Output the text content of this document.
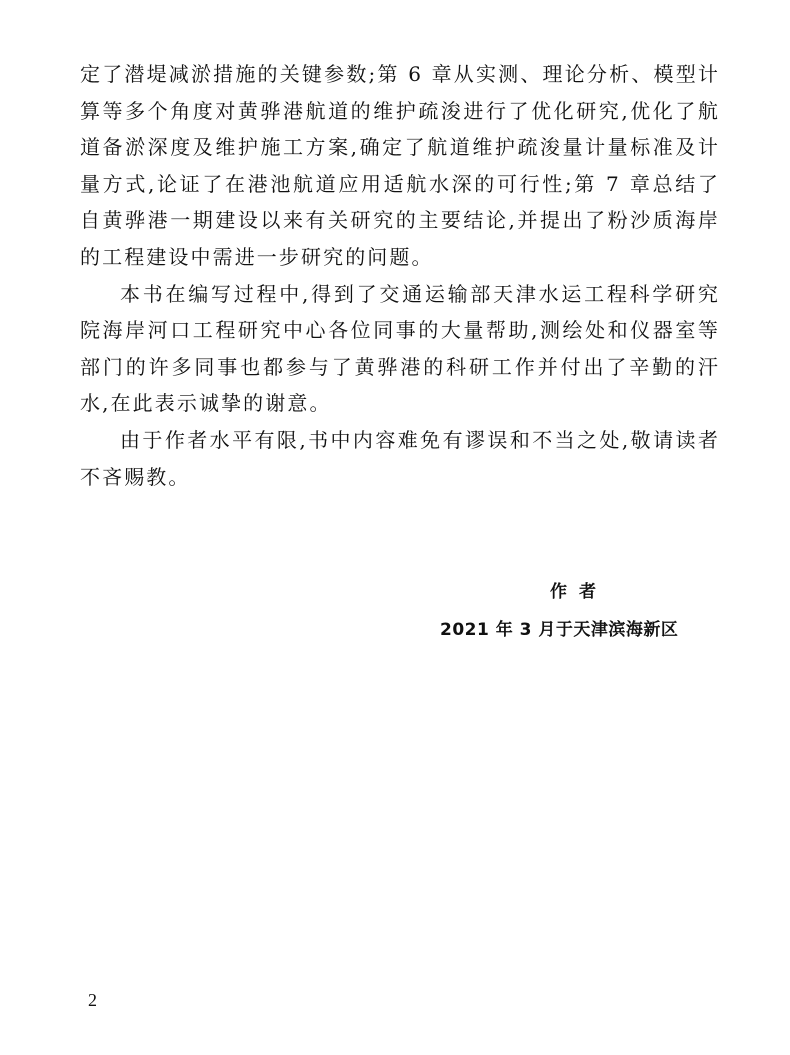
定了潜堤减淤措施的关键参数;第 6 章从实测、理论分析、模型计算等多个角度对黄骅港航道的维护疏浚进行了优化研究,优化了航道备淤深度及维护施工方案,确定了航道维护疏浚量计量标准及计量方式,论证了在港池航道应用适航水深的可行性;第 7 章总结了自黄骅港一期建设以来有关研究的主要结论,并提出了粉沙质海岸的工程建设中需进一步研究的问题。

本书在编写过程中,得到了交通运输部天津水运工程科学研究院海岸河口工程研究中心各位同事的大量帮助,测绘处和仪器室等部门的许多同事也都参与了黄骅港的科研工作并付出了辛勤的汗水,在此表示诚挚的谢意。

由于作者水平有限,书中内容难免有谬误和不当之处,敬请读者不吝赐教。

作者
2021 年 3 月于天津滨海新区
2
